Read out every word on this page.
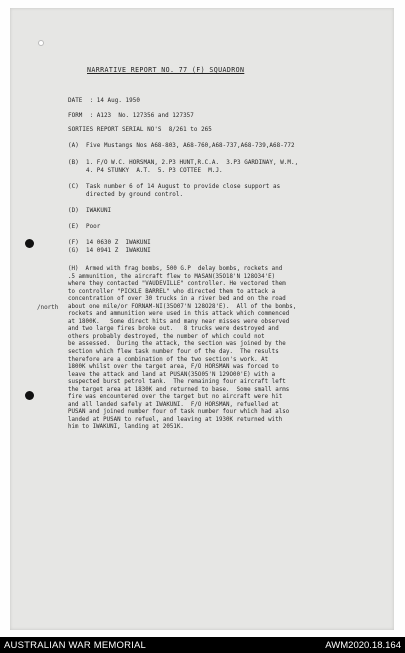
NARRATIVE REPORT NO. 77 (F) SQUADRON
DATE  : 14 Aug. 1950
FORM  : A123  No. 127356 and 127357
SORTIES REPORT SERIAL NO'S  8/261 to 265
(A)  Five Mustangs Nos A68-803, A68-760,A68-737,A68-739,A68-772
(B)  1. F/O W.C. HORSMAN, 2.P3 HUNT,R.C.A.  3.P3 GARDINAY, W.M.,
4. P4 STUNKY  A.T.  5. P3 COTTEE  M.J.
(C)  Task number 6 of 14 August to provide close support as
directed by ground control.
(D)  IWAKUNI
(E)  Poor
(F)  14 0630 Z  IWAKUNI
(G)  14 0941 Z  IWAKUNI
(H)  Armed with frag bombs, 500 G.P  delay bombs, rockets and
.5 ammunition, the aircraft flew to MASAN(35O18'N 128O34'E)
where they contacted "VAUDEVILLE" controller. He vectored them
to controller "PICKLE BARREL" who directed them to attack a
concentration of over 30 trucks in a river bed and on the road
about one mile/or FORNAM-NI(35O07'N 128O28'E).  All of the bombs,
rockets and ammunition were used in this attack which commenced
at 1800K.   Some direct hits and many near misses were observed
and two large fires broke out.   8 trucks were destroyed and
others probably destroyed, the number of which could not
be assessed.  During the attack, the section was joined by the
section which flew task number four of the day.  The results
therefore are a combination of the two section's work. At
1800K whilst over the target area, F/O HORSMAN was forced to
leave the attack and land at PUSAN(35O05'N 129O00'E) with a
suspected burst petrol tank.  The remaining four aircraft left
the target area at 1830K and returned to base.  Some small arms
fire was encountered over the target but no aircraft were hit
and all landed safely at IWAKUNI.  F/O HORSMAN, refuelled at
PUSAN and joined number four of task number four which had also
landed at PUSAN to refuel, and leaving at 1930K returned with
him to IWAKUNI, landing at 2051K.
/north
AUSTRALIAN WAR MEMORIAL	AWM2020.18.164
